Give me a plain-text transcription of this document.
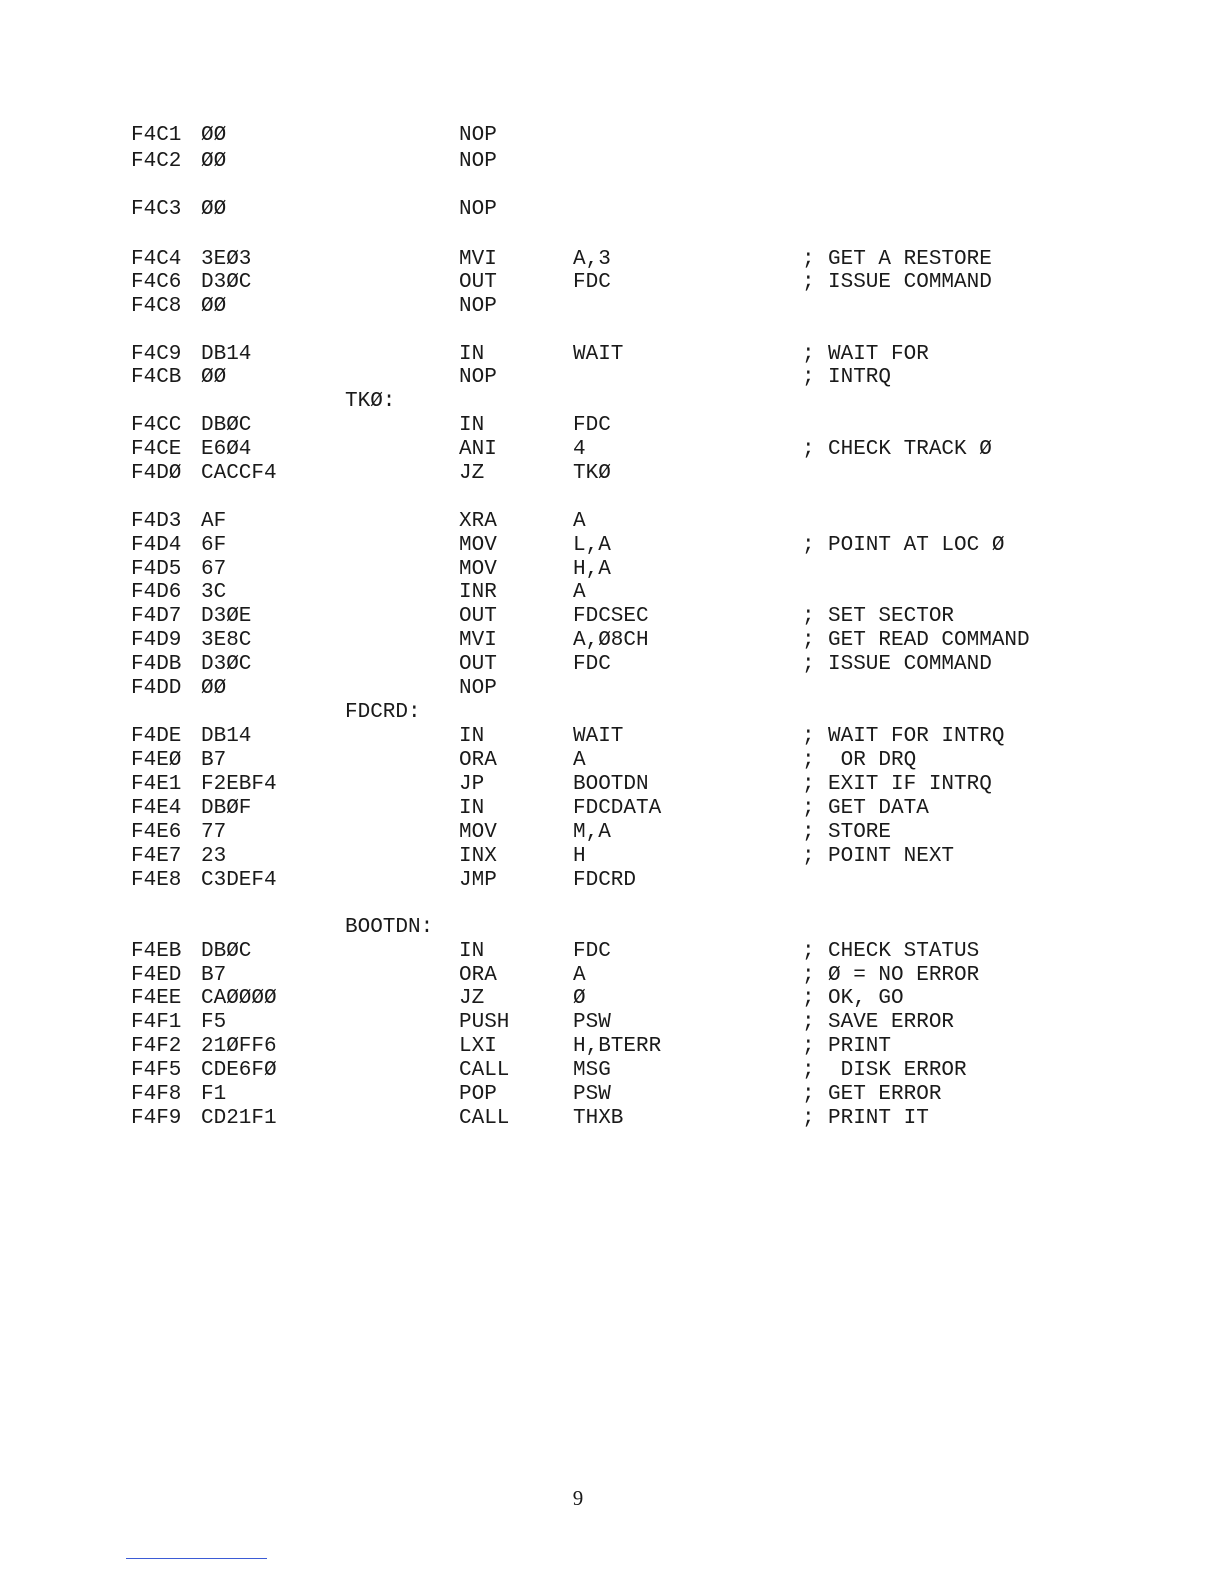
F4C1 ØØ	NOP
F4C2 ØØ	NOP
F4C3 ØØ	NOP
F4C4 3EØ3	MVI	A,3	; GET A RESTORE
F4C6 D3ØC	OUT	FDC	; ISSUE COMMAND
F4C8 ØØ	NOP
F4C9 DB14	IN	WAIT	; WAIT FOR
F4CB ØØ	NOP	; INTRQ
TKØ:
F4CC DBØC	IN	FDC
F4CE E6Ø4	ANI	4	; CHECK TRACK Ø
F4DØ CACCF4	JZ	TKØ
F4D3 AF	XRA	A
F4D4 6F	MOV	L,A	; POINT AT LOC Ø
F4D5 67	MOV	H,A
F4D6 3C	INR	A
F4D7 D3ØE	OUT	FDCSEC	; SET SECTOR
F4D9 3E8C	MVI	A,Ø8CH	; GET READ COMMAND
F4DB D3ØC	OUT	FDC	; ISSUE COMMAND
F4DD ØØ	NOP
FDCRD:
F4DE DB14	IN	WAIT	; WAIT FOR INTRQ
F4EØ B7	ORA	A	; OR DRQ
F4E1 F2EBF4	JP	BOOTDN	; EXIT IF INTRQ
F4E4 DBØF	IN	FDCDATA	; GET DATA
F4E6 77	MOV	M,A	; STORE
F4E7 23	INX	H	; POINT NEXT
F4E8 C3DEF4	JMP	FDCRD
BOOTDN:
F4EB DBØC	IN	FDC	; CHECK STATUS
F4ED B7	ORA	A	; Ø = NO ERROR
F4EE CAØØØØ	JZ	Ø	; OK, GO
F4F1 F5	PUSH	PSW	; SAVE ERROR
F4F2 21ØFF6	LXI	H,BTERR	; PRINT
F4F5 CDE6FØ	CALL	MSG	; DISK ERROR
F4F8 F1	POP	PSW	; GET ERROR
F4F9 CD21F1	CALL	THXB	; PRINT IT
9
